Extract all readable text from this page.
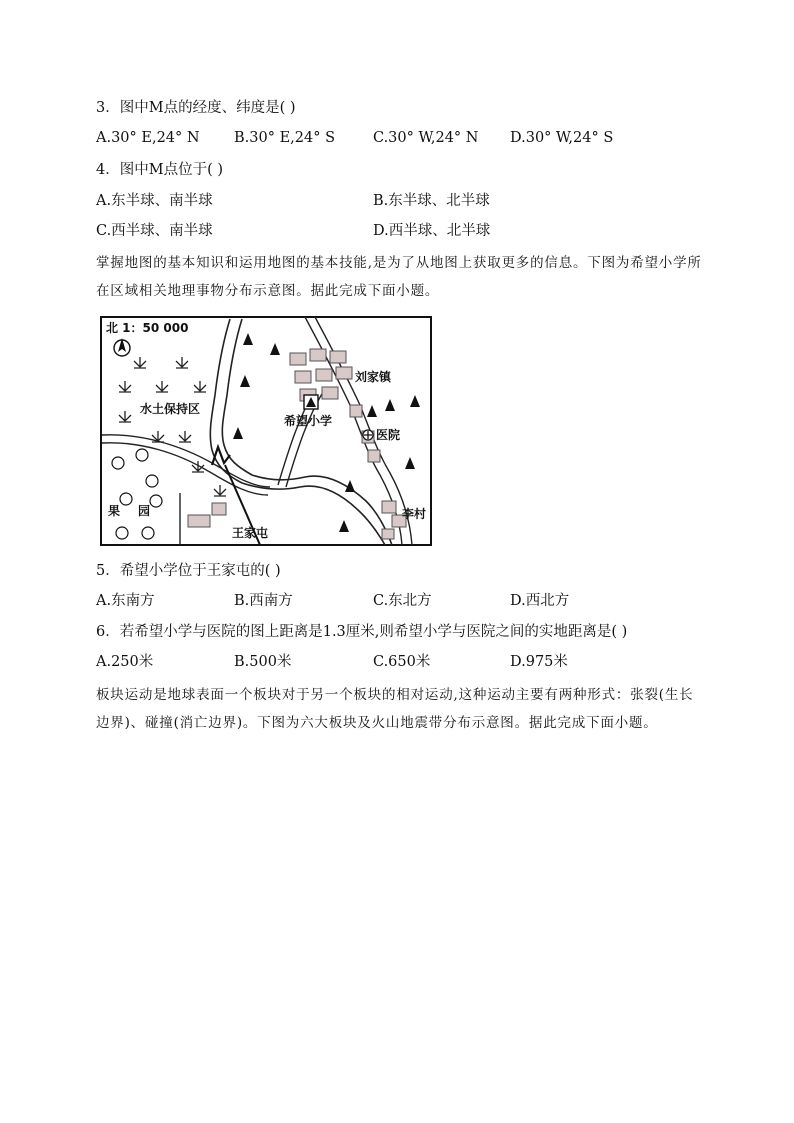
3．图中M点的经度、纬度是( )
A.30° E,24° N B.30° E,24° S	C.30° W,24° N D.30° W,24° S
4．图中M点位于( )
A.东半球、南半球	B.东半球、北半球
C.西半球、南半球	D.西半球、北半球
掌握地图的基本知识和运用地图的基本技能,是为了从地图上获取更多的信息。下图为希望小学所在区域相关地理事物分布示意图。据此完成下面小题。
北 1：50 000
水土保持区
刘家镇
希望小学
医院
李村
果 园
王家屯
5．希望小学位于王家屯的( )
A.东南方	B.西南方	C.东北方	D.西北方
6．若希望小学与医院的图上距离是1.3厘米,则希望小学与医院之间的实地距离是( )
A.250米	B.500米	C.650米	D.975米
板块运动是地球表面一个板块对于另一个板块的相对运动,这种运动主要有两种形式：张裂(生长边界)、碰撞(消亡边界)。下图为六大板块及火山地震带分布示意图。据此完成下面小题。
